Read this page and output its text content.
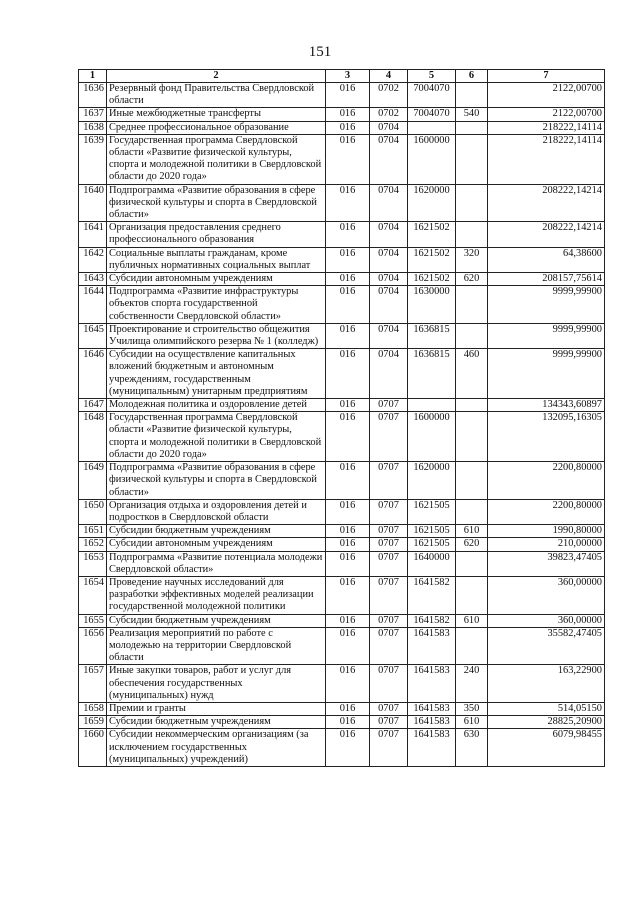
151
1	2	3	4	5	6	7
1636	Резервный фонд Правительства Свердловской области	016	0702	7004070		2122,00700
1637	Иные межбюджетные трансферты	016	0702	7004070	540	2122,00700
1638	Среднее профессиональное образование	016	0704			218222,14114
1639	Государственная программа Свердловской области «Развитие физической культуры, спорта и молодежной политики в Свердловской области до 2020 года»	016	0704	1600000		218222,14114
1640	Подпрограмма «Развитие образования в сфере физической культуры и спорта в Свердловской области»	016	0704	1620000		208222,14214
1641	Организация предоставления среднего профессионального образования	016	0704	1621502		208222,14214
1642	Социальные выплаты гражданам, кроме публичных нормативных социальных выплат	016	0704	1621502	320	64,38600
1643	Субсидии автономным учреждениям	016	0704	1621502	620	208157,75614
1644	Подпрограмма «Развитие инфраструктуры объектов спорта государственной собственности Свердловской области»	016	0704	1630000		9999,99900
1645	Проектирование и строительство общежития Училища олимпийского резерва № 1 (колледж)	016	0704	1636815		9999,99900
1646	Субсидии на осуществление капитальных вложений бюджетным и автономным учреждениям, государственным (муниципальным) унитарным предприятиям	016	0704	1636815	460	9999,99900
1647	Молодежная политика и оздоровление детей	016	0707			134343,60897
1648	Государственная программа Свердловской области «Развитие физической культуры, спорта и молодежной политики в Свердловской области до 2020 года»	016	0707	1600000		132095,16305
1649	Подпрограмма «Развитие образования в сфере физической культуры и спорта в Свердловской области»	016	0707	1620000		2200,80000
1650	Организация отдыха и оздоровления детей и подростков в Свердловской области	016	0707	1621505		2200,80000
1651	Субсидии бюджетным учреждениям	016	0707	1621505	610	1990,80000
1652	Субсидии автономным учреждениям	016	0707	1621505	620	210,00000
1653	Подпрограмма «Развитие потенциала молодежи Свердловской области»	016	0707	1640000		39823,47405
1654	Проведение научных исследований для разработки эффективных моделей реализации государственной молодежной политики	016	0707	1641582		360,00000
1655	Субсидии бюджетным учреждениям	016	0707	1641582	610	360,00000
1656	Реализация мероприятий по работе с молодежью на территории Свердловской области	016	0707	1641583		35582,47405
1657	Иные закупки товаров, работ и услуг для обеспечения государственных (муниципальных) нужд	016	0707	1641583	240	163,22900
1658	Премии и гранты	016	0707	1641583	350	514,05150
1659	Субсидии бюджетным учреждениям	016	0707	1641583	610	28825,20900
1660	Субсидии некоммерческим организациям (за исключением государственных (муниципальных) учреждений)	016	0707	1641583	630	6079,98455
